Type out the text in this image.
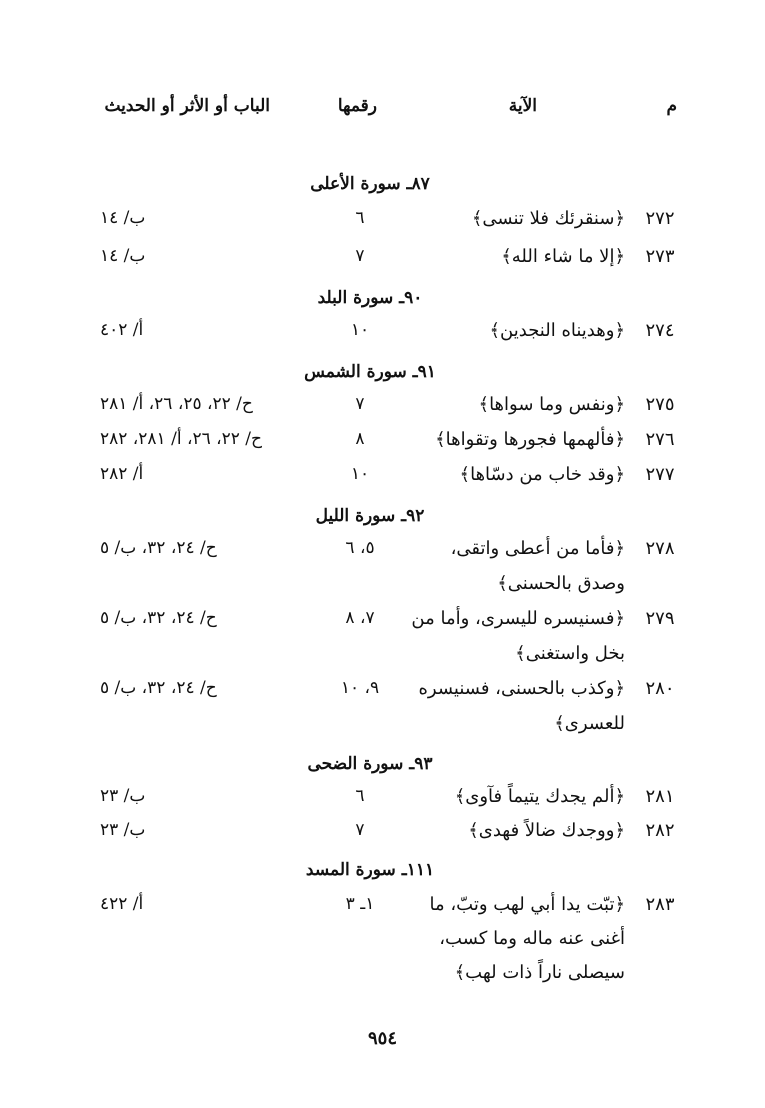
م
الآية
رقمها
الباب أو الأثر أو الحديث
٨٧ـ سورة الأعلى
٢٧٢
﴿سنقرئك فلا تنسى﴾
٦
ب/ ١٤
٢٧٣
﴿إلا ما شاء الله﴾
٧
ب/ ١٤
٩٠ـ سورة البلد
٢٧٤
﴿وهديناه النجدين﴾
١٠
أ/ ٤٠٢
٩١ـ سورة الشمس
٢٧٥
﴿ونفس وما سواها﴾
٧
ح/ ٢٢، ٢٥، ٢٦، أ/ ٢٨١
٢٧٦
﴿فألهمها فجورها وتقواها﴾
٨
ح/ ٢٢، ٢٦، أ/ ٢٨١، ٢٨٢
٢٧٧
﴿وقد خاب من دسّاها﴾
١٠
أ/ ٢٨٢
٩٢ـ سورة الليل
٢٧٨
﴿فأما من أعطى واتقى،
٥، ٦
ح/ ٢٤، ٣٢، ب/ ٥
وصدق بالحسنى﴾
٢٧٩
﴿فسنيسره لليسرى، وأما من
٧، ٨
ح/ ٢٤، ٣٢، ب/ ٥
بخل واستغنى﴾
٢٨٠
﴿وكذب بالحسنى، فسنيسره
٩، ١٠
ح/ ٢٤، ٣٢، ب/ ٥
للعسرى﴾
٩٣ـ سورة الضحى
٢٨١
﴿ألم يجدك يتيماً فآوى﴾
٦
ب/ ٢٣
٢٨٢
﴿ووجدك ضالاً فهدى﴾
٧
ب/ ٢٣
١١١ـ سورة المسد
٢٨٣
﴿تبّت يدا أبي لهب وتبّ، ما
١ـ ٣
أ/ ٤٢٢
أغنى عنه ماله وما كسب،
سيصلى ناراً ذات لهب﴾
٩٥٤
